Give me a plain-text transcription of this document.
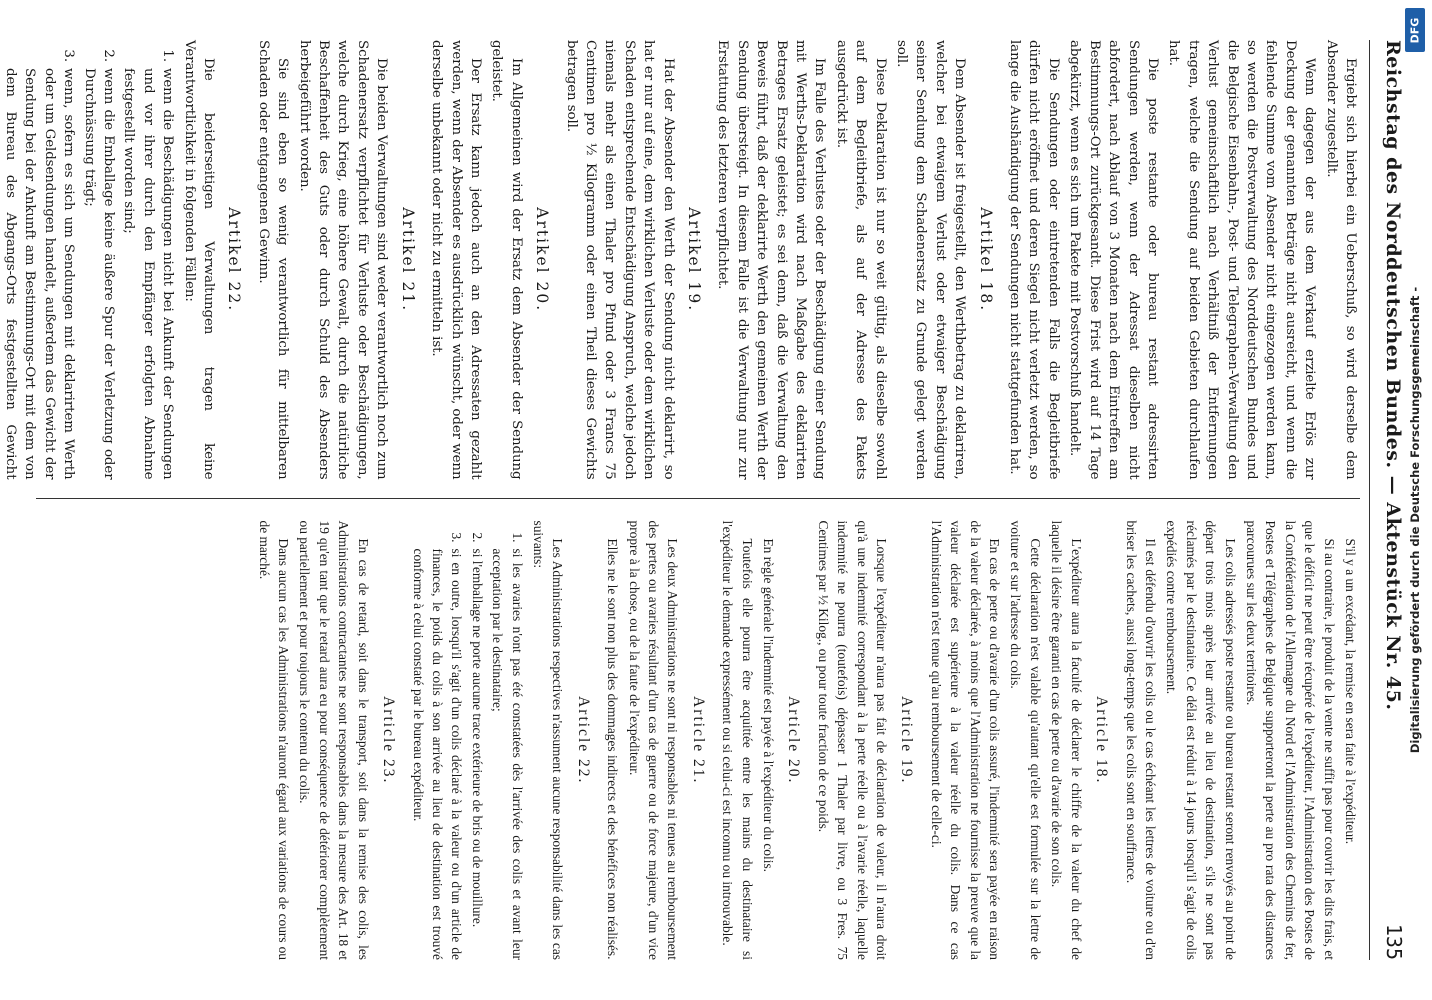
Reichstag des Norddeutschen Bundes. — Aktenstück Nr. 45.
135

Ergiebt sich hierbei ein Ueberschuß, so wird derselbe dem Absender zugestellt.

Wenn dagegen der aus dem Verkauf erzielte Erlös zur Deckung der genannten Beträge nicht ausreicht, und wenn die fehlende Summe vom Absender nicht eingezogen werden kann, so werden die Postverwaltung des Norddeutschen Bundes und die Belgische Eisenbahn-, Post- und Telegraphen-Verwaltung den Verlust gemeinschaftlich nach Verhältniß der Entfernungen tragen, welche die Sendung auf beiden Gebieten durchlaufen hat.

Die poste restante oder bureau restant adressirten Sendungen werden, wenn der Adressat dieselben nicht abfordert, nach Ablauf von 3 Monaten nach dem Eintreffen am Bestimmungs-Ort zurückgesandt. Diese Frist wird auf 14 Tage abgekürzt, wenn es sich um Pakete mit Postvorschuß handelt.

Die Sendungen oder eintretenden Falls die Begleitbriefe dürfen nicht eröffnet und deren Siegel nicht verletzt werden, so lange die Aushändigung der Sendungen nicht stattgefunden hat.

Artikel 18.

Dem Absender ist freigestellt, den Werthbetrag zu deklariren, welcher bei etwaigem Verlust oder etwaiger Beschädigung seiner Sendung dem Schadenersatz zu Grunde gelegt werden soll.

Diese Deklaration ist nur so weit gültig, als dieselbe sowohl auf dem Begleitbriefe, als auf der Adresse des Pakets ausgedrückt ist.

Im Falle des Verlustes oder der Beschädigung einer Sendung mit Werths-Deklaration wird nach Maßgabe des deklarirten Betrages Ersatz geleistet; es sei denn, daß die Verwaltung den Beweis führt, daß der deklarirte Werth den gemeinen Werth der Sendung übersteigt. In diesem Falle ist die Verwaltung nur zur Erstattung des letzteren verpflichtet.

Artikel 19.

Hat der Absender den Werth der Sendung nicht deklarirt, so hat er nur auf eine, dem wirklichen Verluste oder dem wirklichen Schaden entsprechende Entschädigung Anspruch, welche jedoch niemals mehr als einen Thaler pro Pfund oder 3 Francs 75 Centimen pro ½ Kilogramm oder einen Theil dieses Gewichts betragen soll.

Artikel 20.

Im Allgemeinen wird der Ersatz dem Absender der Sendung geleistet.

Der Ersatz kann jedoch auch an den Adressaten gezahlt werden, wenn der Absender es ausdrücklich wünscht, oder wenn derselbe unbekannt oder nicht zu ermitteln ist.

Artikel 21.

Die beiden Verwaltungen sind weder verantwortlich noch zum Schadenersatz verpflichtet für Verluste oder Beschädigungen, welche durch Krieg, eine höhere Gewalt, durch die natürliche Beschaffenheit des Guts oder durch Schuld des Absenders herbeigeführt worden.

Sie sind eben so wenig verantwortlich für mittelbaren Schaden oder entgangenen Gewinn.

Artikel 22.

Die beiderseitigen Verwaltungen tragen keine Verantwortlichkeit in folgenden Fällen:

1.
wenn die Beschädigungen nicht bei Ankunft der Sendungen und vor ihrer durch den Empfänger erfolgten Abnahme festgestellt worden sind;
2.
wenn die Emballage keine äußere Spur der Verletzung oder Durchnässung trägt;
3.
wenn, sofern es sich um Sendungen mit deklarirtem Werth oder um Geldsendungen handelt, außerdem das Gewicht der Sendung bei der Ankunft am Bestimmungs-Ort mit dem von dem Bureau des Abgangs-Orts festgestellten Gewicht

S'il y a un excédant, la remise en sera faite à l'expéditeur.

Si au contraire, le produit de la vente ne suffit pas pour couvrir les dits frais, et que le déficit ne peut être récupéré de l'expéditeur, l'Administration des Postes de la Confédération de l'Allemagne du Nord et l'Administration des Chemins de fer, Postes et Télégraphes de Belgique supporteront la perte au pro rata des distances parcourues sur les deux territoires.

Les colis adressés poste restante ou bureau restant seront renvoyés au point de départ trois mois après leur arrivée au lieu de destination, s'ils ne sont pas réclamés par le destinataire. Ce délai est réduit à 14 jours lorsqu'il s'agit de colis expédiés contre remboursement.

Il est défendu d'ouvrir les colis ou le cas échéant les lettres de voiture ou d'en briser les cachets, aussi long-temps que les colis sont en souffrance.

Article 18.

L'expéditeur aura la faculté de déclarer le chiffre de la valeur du chef de laquelle il désire être garanti en cas de perte ou d'avarie de son colis.

Cette déclaration n'est valable qu'autant qu'elle est formulée sur la lettre de voiture et sur l'adresse du colis.

En cas de perte ou d'avarie d'un colis assuré, l'indemnité sera payée en raison de la valeur déclarée, à moins que l'Administration ne fournisse la preuve que la valeur déclarée est supérieure à la valeur réelle du colis. Dans ce cas l'Administration n'est tenue qu'au remboursement de celle-ci.

Article 19.

Lorsque l'expéditeur n'aura pas fait de déclaration de valeur, il n'aura droit qu'à une indemnité correspondant à la perte réelle ou à l'avarie réelle, laquelle indemnité ne pourra (toutefois) dépasser 1 Thaler par livre, ou 3 Fres. 75 Centimes par ½ Kilog., ou pour toute fraction de ce poids.

Article 20.

En règle générale l'indemnité est payée à l'expéditeur du colis.

Toutefois elle pourra être acquittée entre les mains du destinataire si l'expéditeur le demande expressément ou si celui-ci est inconnu ou introuvable.

Article 21.

Les deux Administrations ne sont ni responsables ni tenues au remboursement des pertes ou avaries résultant d'un cas de guerre ou de force majeure, d'un vice propre à la chose, ou de la faute de l'expéditeur.

Elles ne le sont non plus des dommages indirects et des bénéfices non réalisés.

Article 22.

Les Administrations respectives n'assument aucune responsabilité dans les cas suivants:

1.
si les avaries n'ont pas été constatées dès l'arrivée des colis et avant leur acceptation par le destinataire;
2.
si l'emballage ne porte aucune trace extérieure de bris ou de mouillure.
3.
si en outre, lorsqu'il s'agit d'un colis déclaré à la valeur ou d'un article de finances, le poids du colis à son arrivée au lieu de destination est trouvé conforme à celui constaté par le bureau expéditeur.
Article 23.

En cas de retard, soit dans le transport, soit dans la remise des colis, les Administrations contractantes ne sont responsables dans la mesure des Art. 18 et 19 qu'en tant que le retard aura eu pour conséquence de détériorer complètement ou partiellement et pour toujours le contenu du colis.

Dans aucun cas les Administrations n'auront égard aux variations de cours ou de marché.

DFG
Digitalisierung gefördert durch die Deutsche Forschungsgemeinschaft -
